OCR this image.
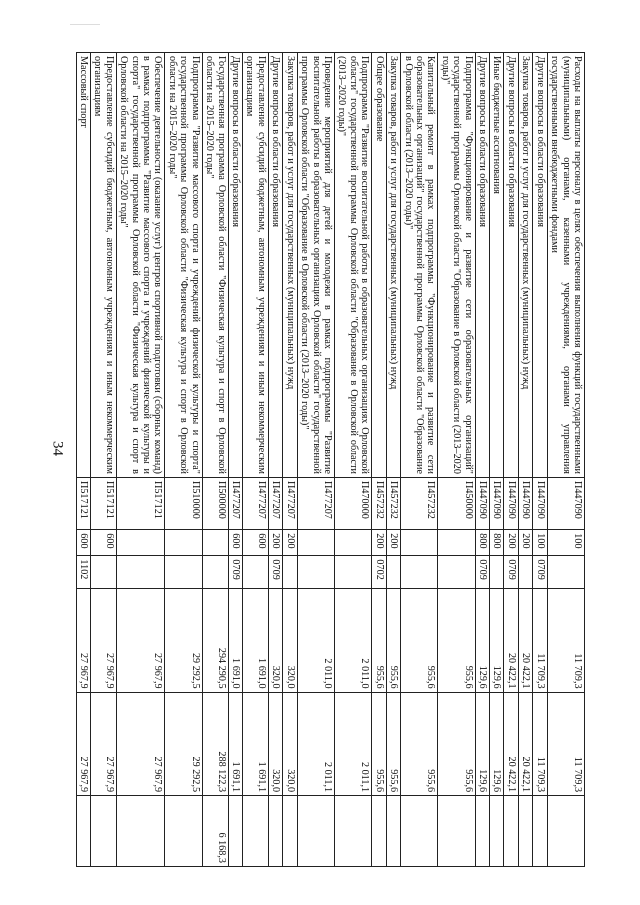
34	Расходы на выплаты персоналу в целях обеспечения выполнения функций государственными (муниципальными) органами, казенными учреждениями, органами управления государственными внебюджетными фондами	П447090	100		11 709,3	11 709,3	
Другие вопросы в области образования	П447090	100	0709	11 709,3	11 709,3	
Закупка товаров, работ и услуг для государственных (муниципальных) нужд	П447090	200		20 422,1	20 422,1	
Другие вопросы в области образования	П447090	200	0709	20 422,1	20 422,1	
Иные бюджетные ассигнования	П447090	800		129,6	129,6	
Другие вопросы в области образования	П447090	800	0709	129,6	129,6	
Подпрограмма "Функционирование и развитие сети образовательных организаций" государственной программы Орловской области "Образование в Орловской области (2013–2020 годы)"	П450000			955,6	955,6	
Капитальный ремонт в рамках подпрограммы "Функционирование и развитие сети образовательных организаций" государственной программы Орловской области "Образование в Орловской области (2013–2020 годы)"	П457232			955,6	955,6	
Закупка товаров, работ и услуг для государственных (муниципальных) нужд	П457232	200		955,6	955,6	
Общее образование	П457232	200	0702	955,6	955,6	
Подпрограмма "Развитие воспитательной работы в образовательных организациях Орловской области" государственной программы Орловской области "Образование в Орловской области (2013–2020 годы)"	П470000			2 011,0	2 011,1	
Проведение мероприятий для детей и молодежи в рамках подпрограммы "Развитие воспитательной работы в образовательных организациях Орловской области" государственной программы Орловской области "Образование в Орловской области (2013–2020 годы)"	П477207			2 011,0	2 011,1	
Закупка товаров, работ и услуг для государственных (муниципальных) нужд	П477207	200		320,0	320,0	
Другие вопросы в области образования	П477207	200	0709	320,0	320,0	
Предоставление субсидий бюджетным, автономным учреждениям и иным некоммерческим организациям	П477207	600		1 691,0	1 691,1	
Другие вопросы в области образования	П477207	600	0709	1 691,0	1 691,1	
Государственная программа Орловской области "Физическая культура и спорт в Орловской области на 2015–2020 годы"	П500000			294 290,5	288 122,3	6 168,3
Подпрограмма "Развитие массового спорта и учреждений физической культуры и спорта" государственной программы Орловской области "Физическая культура и спорт в Орловской области на 2015–2020 годы"	П510000			29 292,5	29 292,5	
Обеспечение деятельности (оказание услуг) центров спортивной подготовки (сборных команд) в рамках подпрограммы "Развитие массового спорта и учреждений физической культуры и спорта" государственной программы Орловской области "Физическая культура и спорт в Орловской области на 2015–2020 годы"	П517121			27 967,9	27 967,9	
Предоставление субсидий бюджетным, автономным учреждениям и иным некоммерческим организациям	П517121	600		27 967,9	27 967,9	
Массовый спорт	П517121	600	1102	27 967,9	27 967,9	
